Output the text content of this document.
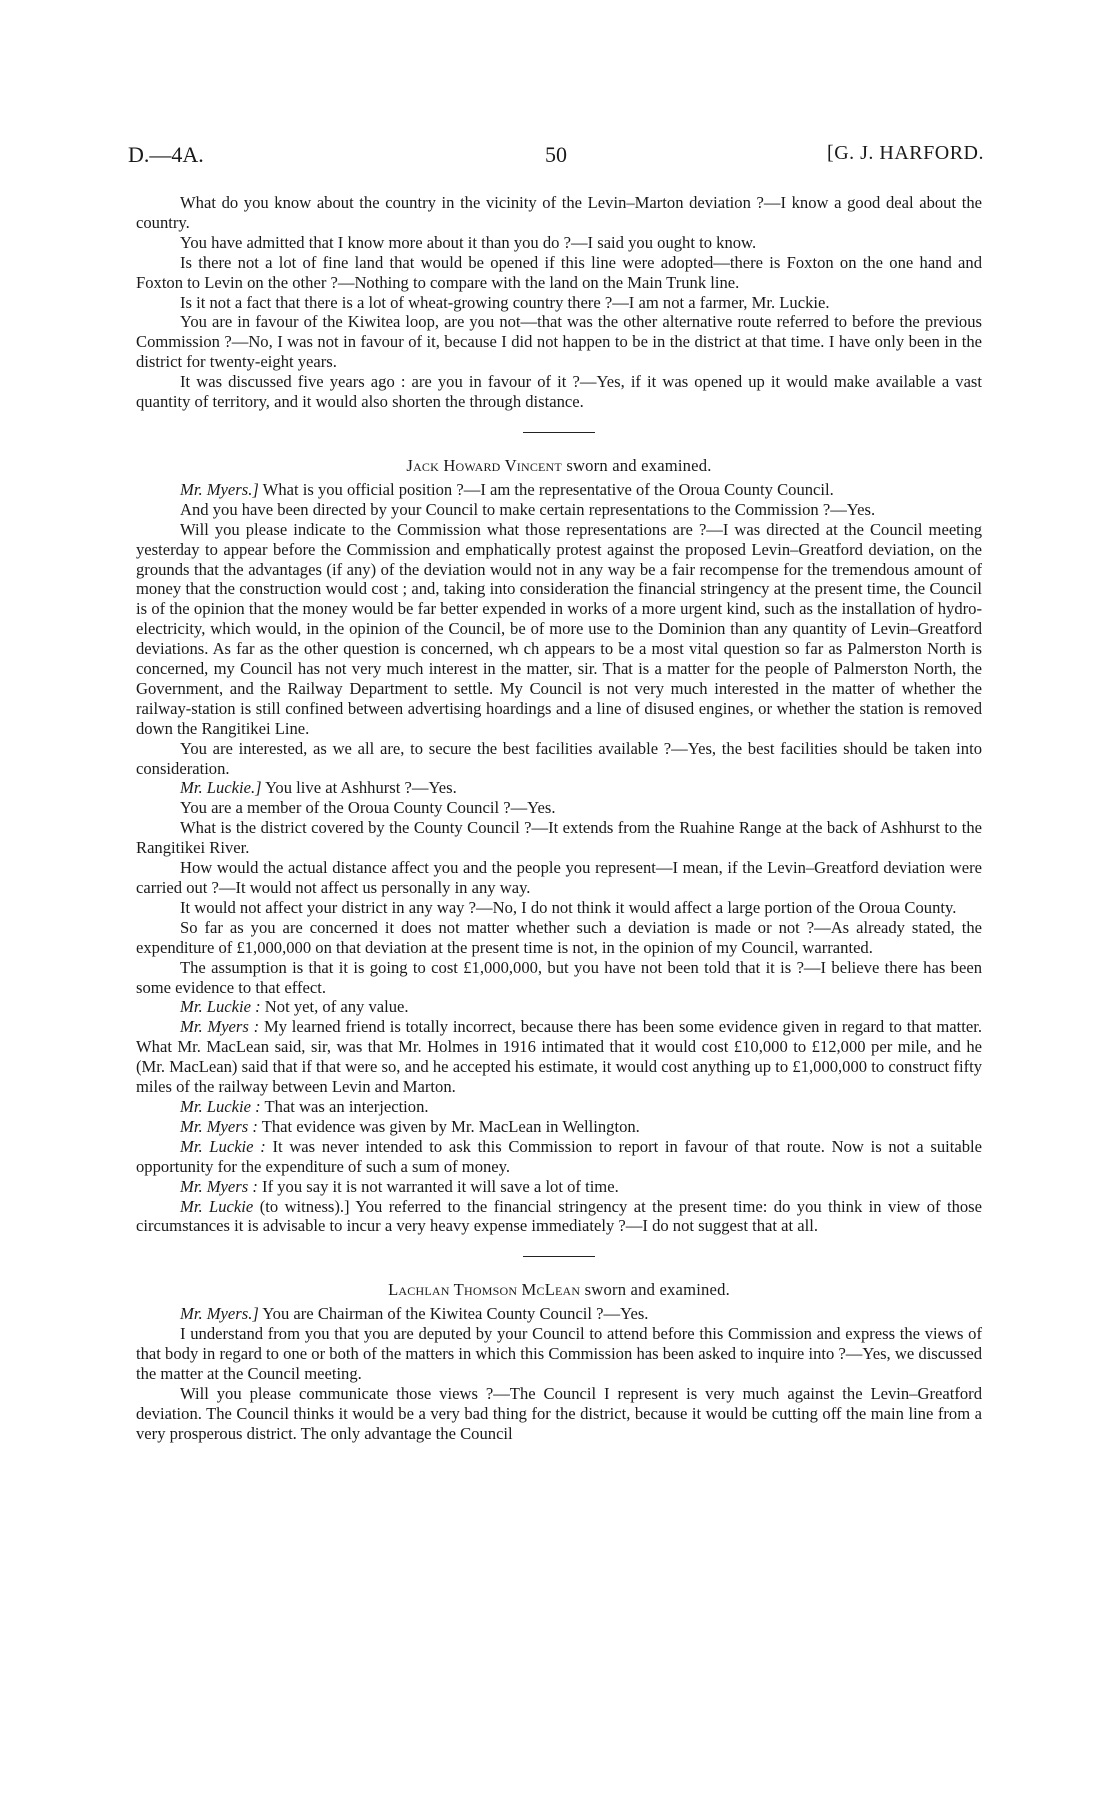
D.—4A.	50	[G. J. HARFORD.

What do you know about the country in the vicinity of the Levin–Marton deviation ?—I know a good deal about the country.

You have admitted that I know more about it than you do ?—I said you ought to know.

Is there not a lot of fine land that would be opened if this line were adopted—there is Foxton on the one hand and Foxton to Levin on the other ?—Nothing to compare with the land on the Main Trunk line.

Is it not a fact that there is a lot of wheat-growing country there ?—I am not a farmer, Mr. Luckie.

You are in favour of the Kiwitea loop, are you not—that was the other alternative route referred to before the previous Commission ?—No, I was not in favour of it, because I did not happen to be in the district at that time. I have only been in the district for twenty-eight years.

It was discussed five years ago : are you in favour of it ?—Yes, if it was opened up it would make available a vast quantity of territory, and it would also shorten the through distance.

Jack Howard Vincent sworn and examined.

Mr. Myers.] What is you official position ?—I am the representative of the Oroua County Council.

And you have been directed by your Council to make certain representations to the Commission ?—Yes.

Will you please indicate to the Commission what those representations are ?—I was directed at the Council meeting yesterday to appear before the Commission and emphatically protest against the proposed Levin–Greatford deviation, on the grounds that the advantages (if any) of the deviation would not in any way be a fair recompense for the tremendous amount of money that the construction would cost ; and, taking into consideration the financial stringency at the present time, the Council is of the opinion that the money would be far better expended in works of a more urgent kind, such as the installation of hydro-electricity, which would, in the opinion of the Council, be of more use to the Dominion than any quantity of Levin–Greatford deviations. As far as the other question is concerned, wh ch appears to be a most vital question so far as Palmerston North is concerned, my Council has not very much interest in the matter, sir. That is a matter for the people of Palmerston North, the Government, and the Railway Department to settle. My Council is not very much interested in the matter of whether the railway-station is still confined between advertising hoardings and a line of disused engines, or whether the station is removed down the Rangitikei Line.

You are interested, as we all are, to secure the best facilities available ?—Yes, the best facilities should be taken into consideration.

Mr. Luckie.] You live at Ashhurst ?—Yes.

You are a member of the Oroua County Council ?—Yes.

What is the district covered by the County Council ?—It extends from the Ruahine Range at the back of Ashhurst to the Rangitikei River.

How would the actual distance affect you and the people you represent—I mean, if the Levin–Greatford deviation were carried out ?—It would not affect us personally in any way.

It would not affect your district in any way ?—No, I do not think it would affect a large portion of the Oroua County.

So far as you are concerned it does not matter whether such a deviation is made or not ?—As already stated, the expenditure of £1,000,000 on that deviation at the present time is not, in the opinion of my Council, warranted.

The assumption is that it is going to cost £1,000,000, but you have not been told that it is ?—I believe there has been some evidence to that effect.

Mr. Luckie : Not yet, of any value.

Mr. Myers : My learned friend is totally incorrect, because there has been some evidence given in regard to that matter. What Mr. MacLean said, sir, was that Mr. Holmes in 1916 intimated that it would cost £10,000 to £12,000 per mile, and he (Mr. MacLean) said that if that were so, and he accepted his estimate, it would cost anything up to £1,000,000 to construct fifty miles of the railway between Levin and Marton.

Mr. Luckie : That was an interjection.

Mr. Myers : That evidence was given by Mr. MacLean in Wellington.

Mr. Luckie : It was never intended to ask this Commission to report in favour of that route. Now is not a suitable opportunity for the expenditure of such a sum of money.

Mr. Myers : If you say it is not warranted it will save a lot of time.

Mr. Luckie (to witness).] You referred to the financial stringency at the present time: do you think in view of those circumstances it is advisable to incur a very heavy expense immediately ?—I do not suggest that at all.

Lachlan Thomson McLean sworn and examined.

Mr. Myers.] You are Chairman of the Kiwitea County Council ?—Yes.

I understand from you that you are deputed by your Council to attend before this Commission and express the views of that body in regard to one or both of the matters in which this Commission has been asked to inquire into ?—Yes, we discussed the matter at the Council meeting.

Will you please communicate those views ?—The Council I represent is very much against the Levin–Greatford deviation. The Council thinks it would be a very bad thing for the district, because it would be cutting off the main line from a very prosperous district. The only advantage the Council
